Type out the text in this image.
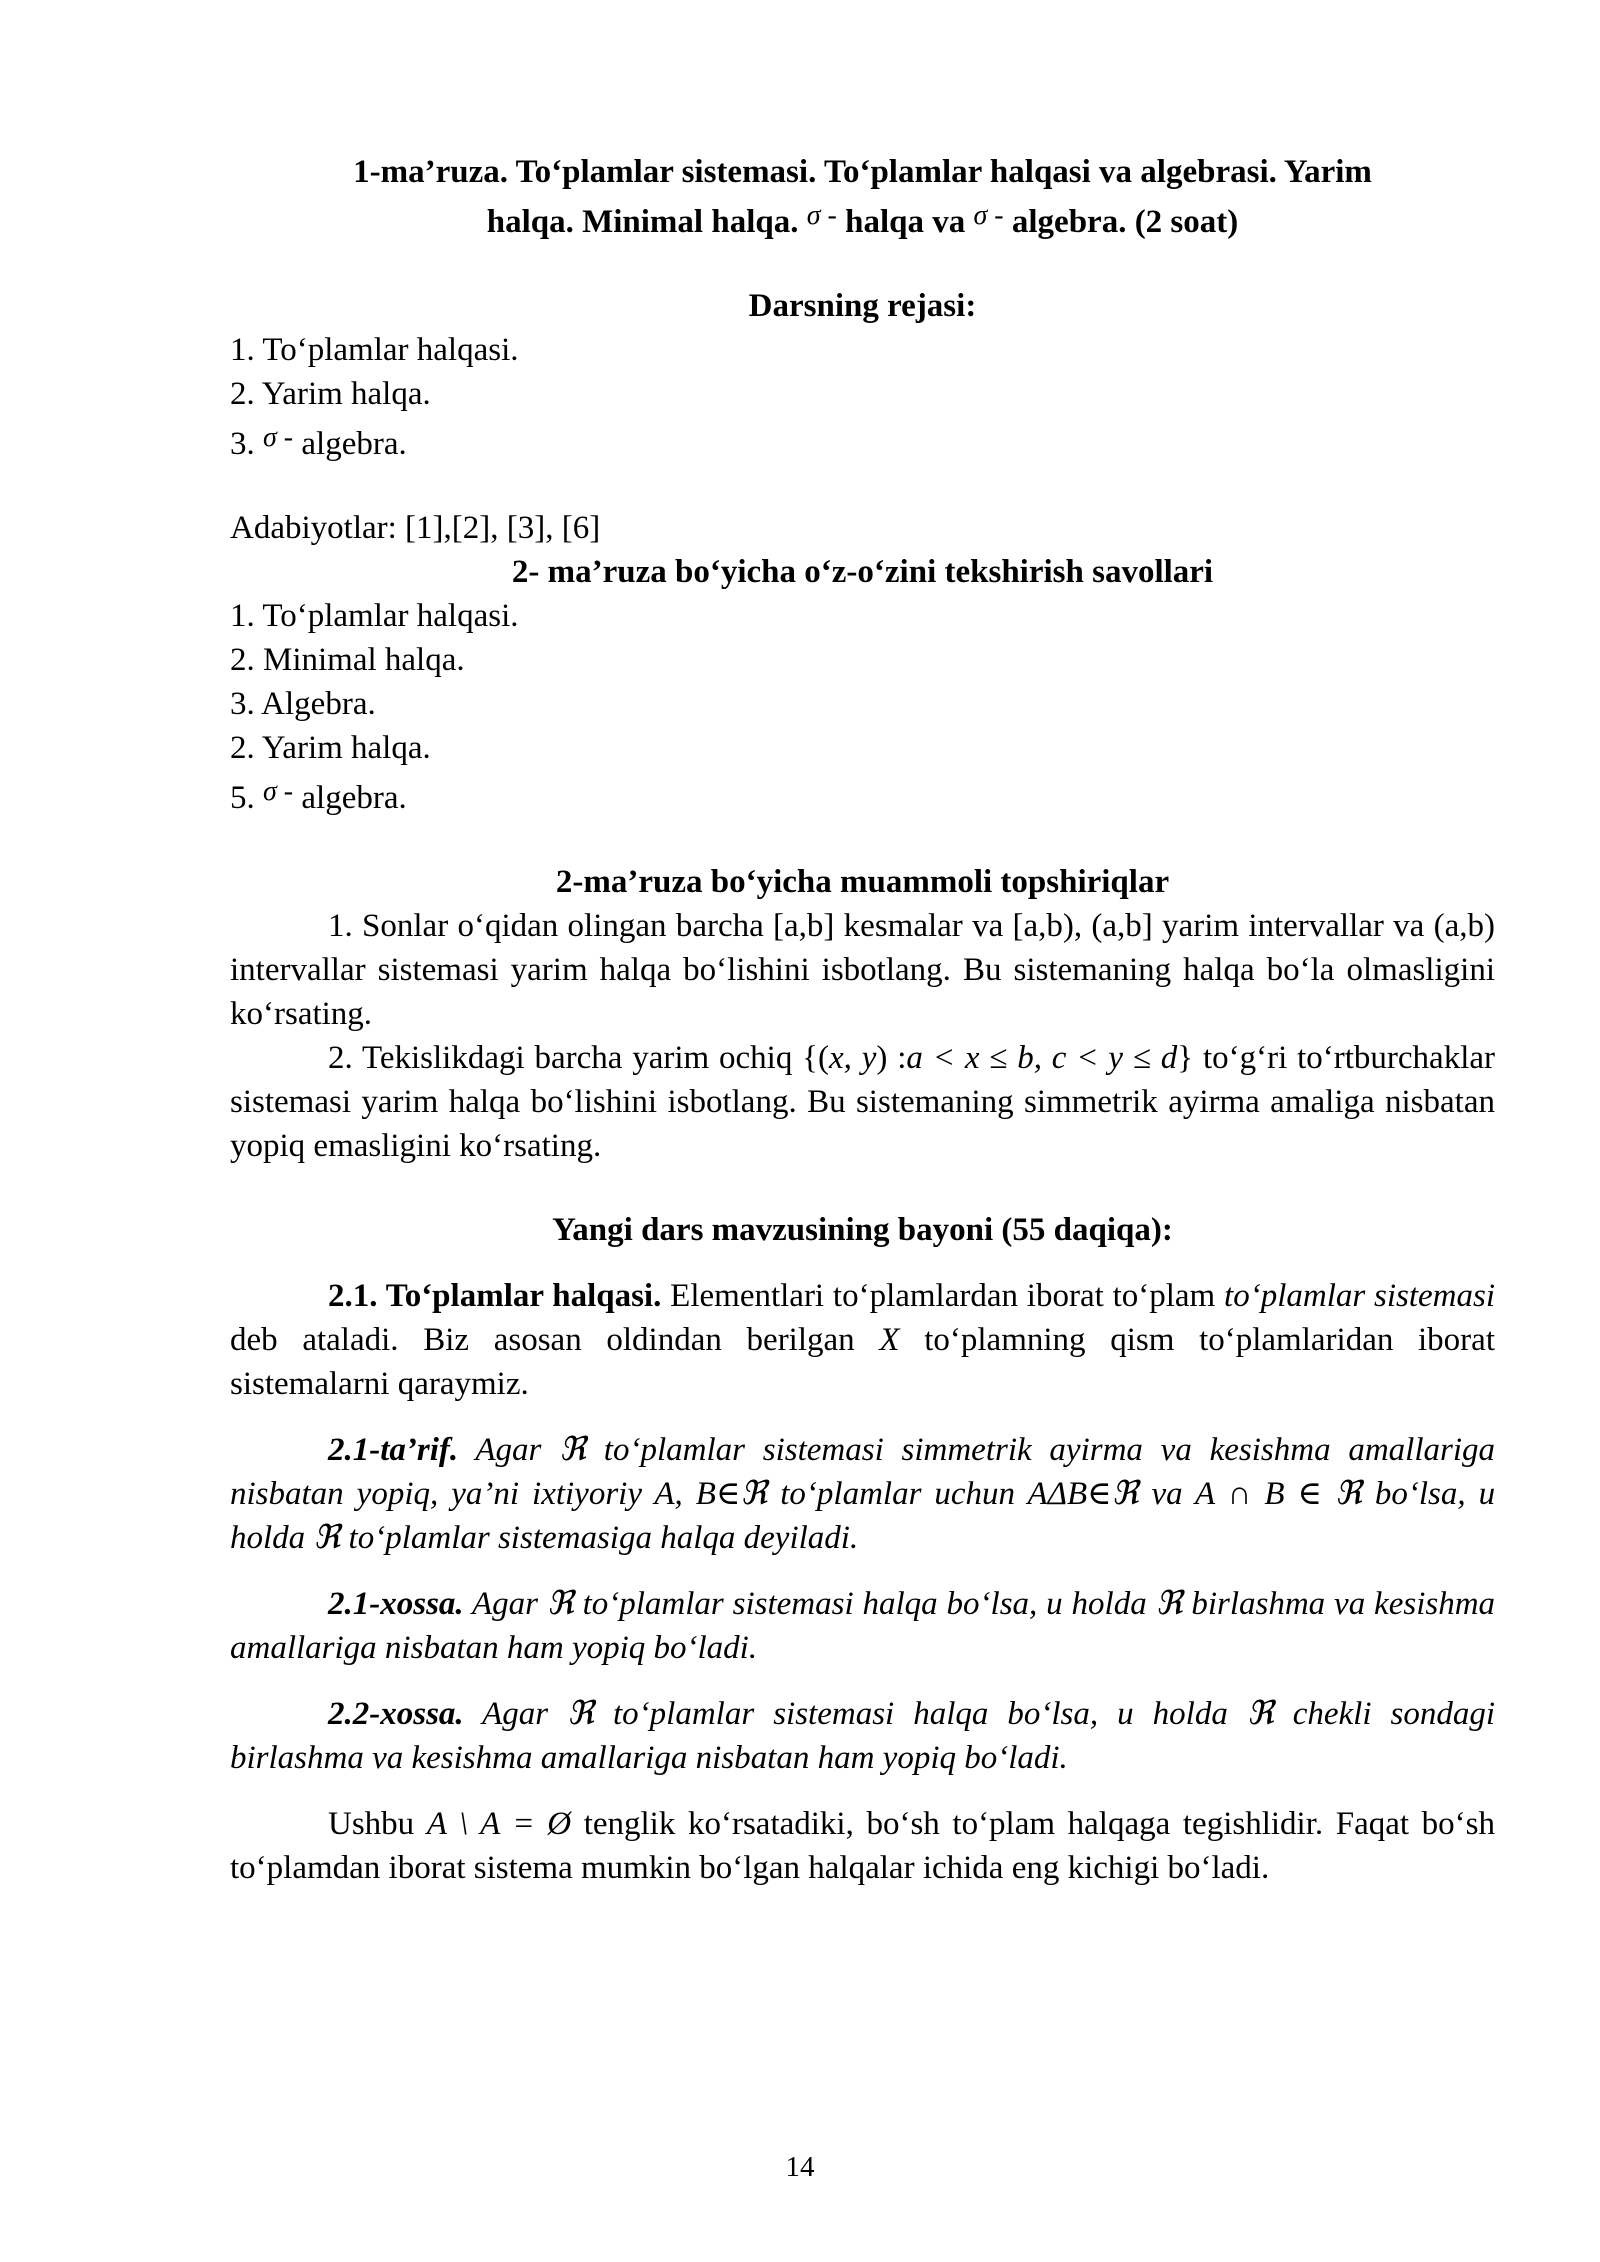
1-ma’ruza. To‘plamlar sistemasi. To‘plamlar halqasi va algebrasi. Yarim
halqa. Minimal halqa. $^{\sigma -}$ halqa va $^{\sigma -}$ algebra. (2 soat)
Darsning rejasi:
1. To‘plamlar halqasi.
2. Yarim halqa.
3. $^{\sigma -}$ algebra.
Adabiyotlar: [1],[2], [3], [6]
2- ma’ruza bo‘yicha o‘z-o‘zini tekshirish savollari
1. To‘plamlar halqasi.
2. Minimal halqa.
3. Algebra.
2. Yarim halqa.
5. $^{\sigma -}$ algebra.
2-ma’ruza bo‘yicha muammoli topshiriqlar

1. Sonlar o‘qidan olingan barcha [a,b] kesmalar va [a,b), (a,b] yarim intervallar va (a,b) intervallar sistemasi yarim halqa bo‘lishini isbotlang. Bu sistemaning halqa bo‘la olmasligini ko‘rsating.

2. Tekislikdagi barcha yarim ochiq {(x, y) :a < x ≤ b, c < y ≤ d} to‘g‘ri to‘rtburchaklar sistemasi yarim halqa bo‘lishini isbotlang. Bu sistemaning simmetrik ayirma amaliga nisbatan yopiq emasligini ko‘rsating.

Yangi dars mavzusining bayoni (55 daqiqa):

2.1. To‘plamlar halqasi. Elementlari to‘plamlardan iborat to‘plam to‘plamlar sistemasi deb ataladi. Biz asosan oldindan berilgan X to‘plamning qism to‘plamlaridan iborat sistemalarni qaraymiz.

2.1-ta’rif. Agar ℜ to‘plamlar sistemasi simmetrik ayirma va kesishma amallariga nisbatan yopiq, ya’ni ixtiyoriy A, B∈ℜ to‘plamlar uchun AΔB∈ℜ va A ∩ B ∈ ℜ bo‘lsa, u holda ℜ to‘plamlar sistemasiga halqa deyiladi.

2.1-xossa. Agar ℜ to‘plamlar sistemasi halqa bo‘lsa, u holda ℜ birlashma va kesishma amallariga nisbatan ham yopiq bo‘ladi.

2.2-xossa. Agar ℜ to‘plamlar sistemasi halqa bo‘lsa, u holda ℜ chekli sondagi birlashma va kesishma amallariga nisbatan ham yopiq bo‘ladi.

Ushbu A \ A = Ø tenglik ko‘rsatadiki, bo‘sh to‘plam halqaga tegishlidir. Faqat bo‘sh to‘plamdan iborat sistema mumkin bo‘lgan halqalar ichida eng kichigi bo‘ladi.

14
